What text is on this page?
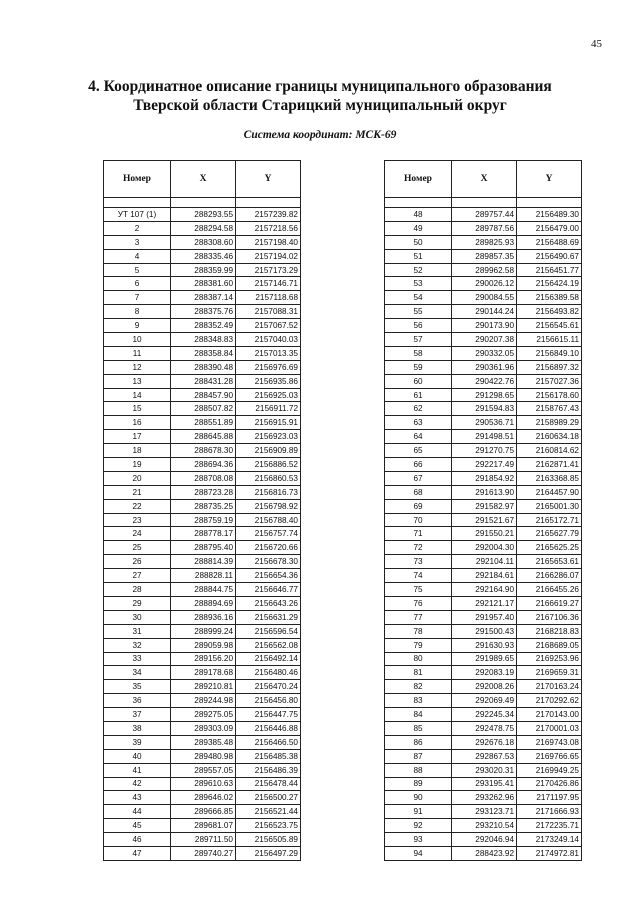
45
4. Координатное описание границы муниципального образования
Тверской области Старицкий муниципальный округ
Система координат: МСК-69
Номер	X	Y

УТ 107 (1)	288293.55	2157239.82
2	288294.58	2157218.56
3	288308.60	2157198.40
4	288335.46	2157194.02
5	288359.99	2157173.29
6	288381.60	2157146.71
7	288387.14	2157118.68
8	288375.76	2157088.31
9	288352.49	2157067.52
10	288348.83	2157040.03
11	288358.84	2157013.35
12	288390.48	2156976.69
13	288431.28	2156935.86
14	288457.90	2156925.03
15	288507.82	2156911.72
16	288551.89	2156915.91
17	288645.88	2156923.03
18	288678.30	2156909.89
19	288694.36	2156886.52
20	288708.08	2156860.53
21	288723.28	2156816.73
22	288735.25	2156798.92
23	288759.19	2156788.40
24	288778.17	2156757.74
25	288795.40	2156720.66
26	288814.39	2156678.30
27	288828.11	2156654.36
28	288844.75	2156646.77
29	288894.69	2156643.26
30	288936.16	2156631.29
31	288999.24	2156596.54
32	289059.98	2156562.08
33	289156.20	2156492.14
34	289178.68	2156480.46
35	289210.81	2156470.24
36	289244.98	2156456.80
37	289275.05	2156447.75
38	289303.09	2156446.88
39	289385.48	2156466.50
40	289480.98	2156485.38
41	289557.05	2156486.39
42	289610.63	2156478.44
43	289646.02	2156500.27
44	289666.85	2156521.44
45	289681.07	2156523.75
46	289711.50	2156505.89
47	289740.27	2156497.29
Номер	X	Y

48	289757.44	2156489.30
49	289787.56	2156479.00
50	289825.93	2156488.69
51	289857.35	2156490.67
52	289962.58	2156451.77
53	290026.12	2156424.19
54	290084.55	2156389.58
55	290144.24	2156493.82
56	290173.90	2156545.61
57	290207.38	2156615.11
58	290332.05	2156849.10
59	290361.96	2156897.32
60	290422.76	2157027.36
61	291298.65	2156178.60
62	291594.83	2158767.43
63	290536.71	2158989.29
64	291498.51	2160634.18
65	291270.75	2160814.62
66	292217.49	2162871.41
67	291854.92	2163368.85
68	291613.90	2164457.90
69	291582.97	2165001.30
70	291521.67	2165172.71
71	291550.21	2165627.79
72	292004.30	2165625.25
73	292104.11	2165653.61
74	292184.61	2166286.07
75	292164.90	2166455.26
76	292121.17	2166619.27
77	291957.40	2167106.36
78	291500.43	2168218.83
79	291630.93	2168689.05
80	291989.65	2169253.96
81	292083.19	2169659.31
82	292008.26	2170163.24
83	292069.49	2170292.62
84	292245.34	2170143.00
85	292478.75	2170001.03
86	292676.18	2169743.08
87	292867.53	2169766.65
88	293020.31	2169949.25
89	293195.41	2170426.86
90	293262.96	2171197.95
91	293123.71	2171666.93
92	293210.54	2172235.71
93	292046.94	2173249.14
94	288423.92	2174972.81
